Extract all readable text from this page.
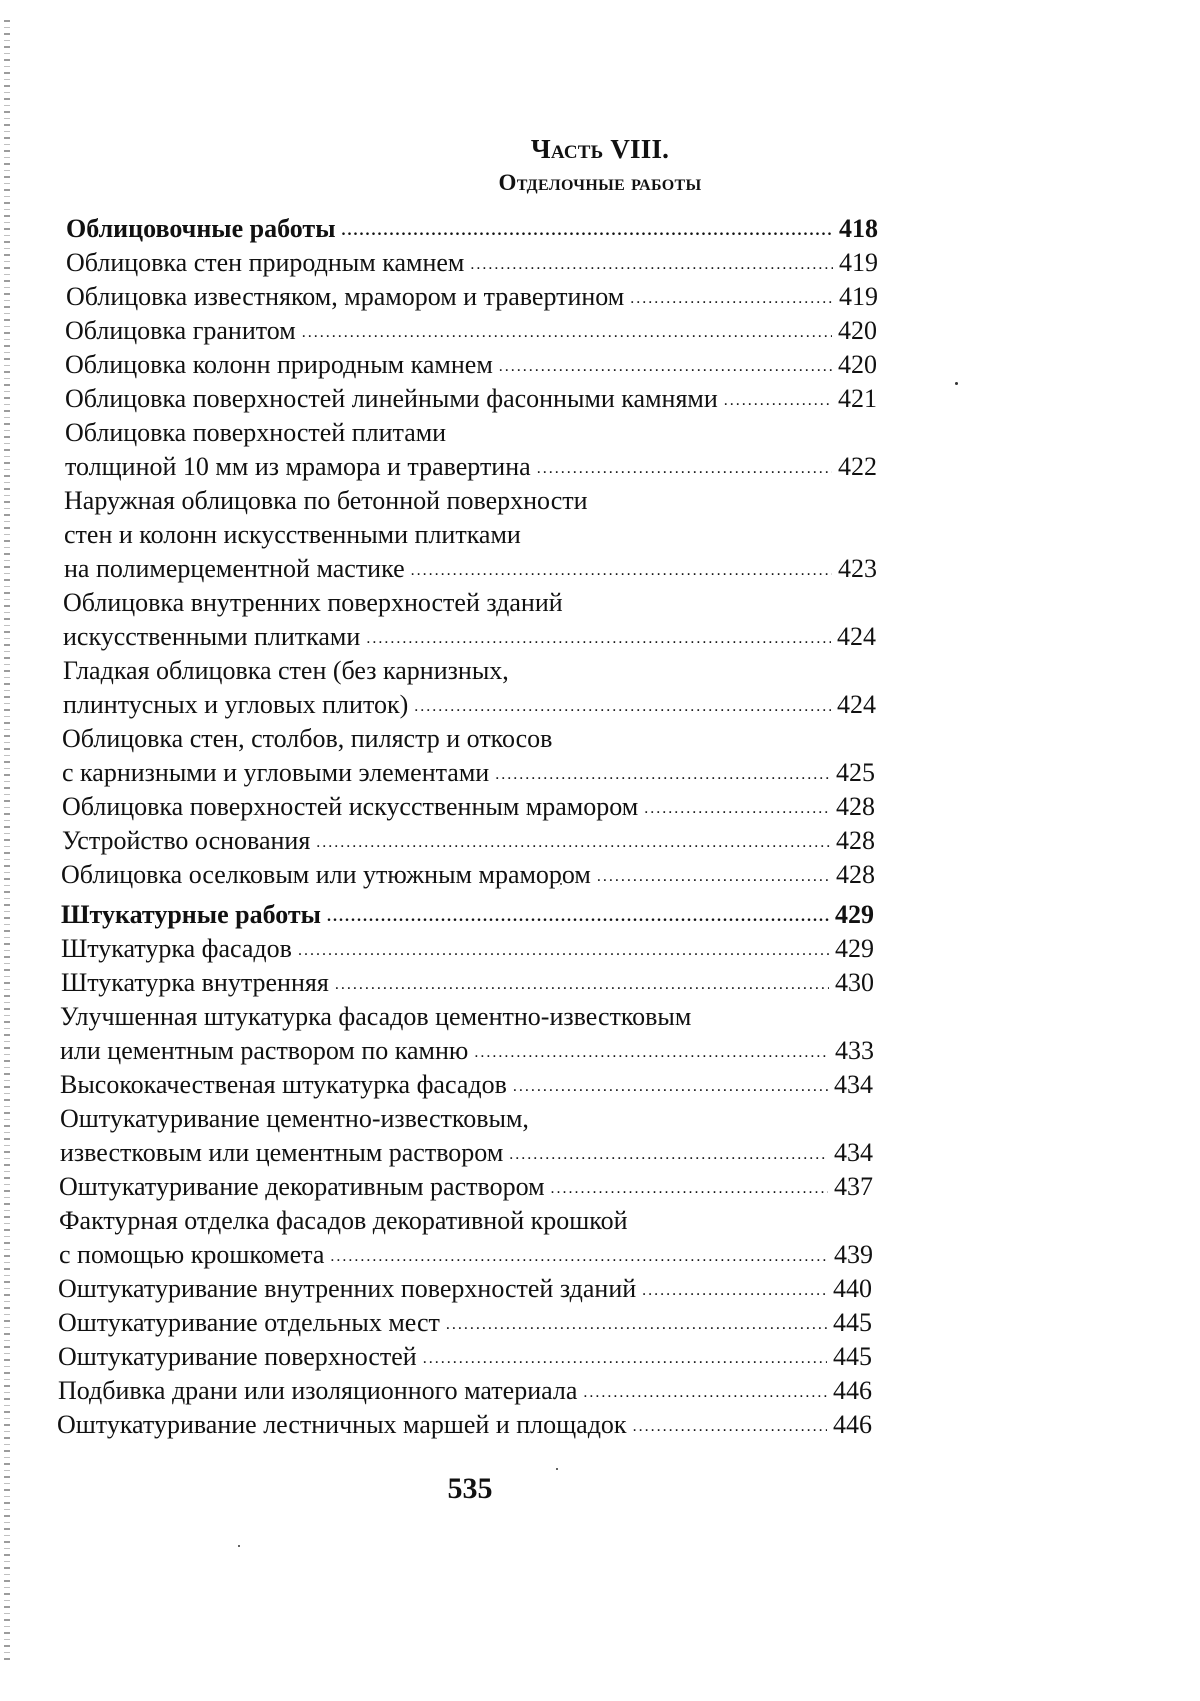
Часть VIII.
Отделочные работы
Облицовочные работы .....	418
Облицовка стен природным камнем .....	419
Облицовка известняком, мрамором и травертином .....	419
Облицовка гранитом .....	420
Облицовка колонн природным камнем .....	420
Облицовка поверхностей линейными фасонными камнями .....	421
Облицовка поверхностей плитами
толщиной 10 мм из мрамора и травертина .....	422
Наружная облицовка по бетонной поверхности
стен и колонн искусственными плитками
на полимерцементной мастике .....	423
Облицовка внутренних поверхностей зданий
искусственными плитками .....	424
Гладкая облицовка стен (без карнизных,
плинтусных и угловых плиток) .....	424
Облицовка стен, столбов, пилястр и откосов
с карнизными и угловыми элементами .....	425
Облицовка поверхностей искусственным мрамором .....	428
Устройство основания .....	428
Облицовка оселковым или утюжным мрамором .....	428
Штукатурные работы .....	429
Штукатурка фасадов .....	429
Штукатурка внутренняя .....	430
Улучшенная штукатурка фасадов цементно-известковым
или цементным раствором по камню .....	433
Высококачественая штукатурка фасадов .....	434
Оштукатуривание цементно-известковым,
известковым или цементным раствором .....	434
Оштукатуривание декоративным раствором .....	437
Фактурная отделка фасадов декоративной крошкой
с помощью крошкомета .....	439
Оштукатуривание внутренних поверхностей зданий .....	440
Оштукатуривание отдельных мест .....	445
Оштукатуривание поверхностей .....	445
Подбивка драни или изоляционного материала .....	446
Оштукатуривание лестничных маршей и площадок .....	446
535
